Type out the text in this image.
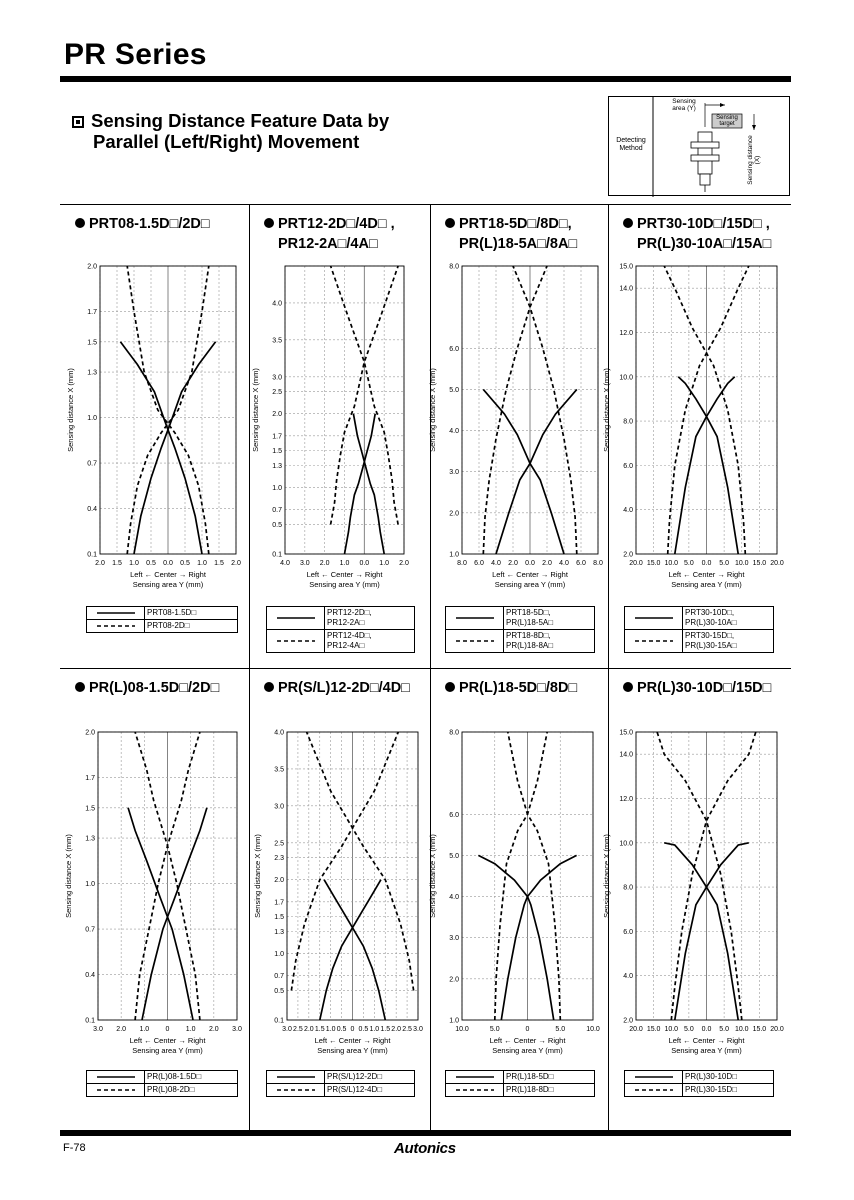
PR Series
Sensing Distance Feature Data by
Parallel (Left/Right) Movement	Detecting
Method
Sensing area (Y)
Sensing target
Sensing distance (X)
F-78	Autonics
PRT08-1.5D□/2D□
2.0 1.5 1.0 0.5 0.0 0.5 1.0 1.5 2.0
0.1
0.4
0.7
1.0
1.3
1.5
1.7
2.0
Sensing distance X (mm)
Left ← Center → Right
Sensing area Y (mm)
PRT08-1.5D□
PRT08-2D□
PRT12-2D□/4D□ ,
PR12-2A□/4A□
4.0 3.0 2.0 1.0 0.0 1.0 2.0
0.1
0.5
0.7
1.0
1.3
1.5
1.7
2.0
2.5
3.0
3.5
4.0
Sensing distance X (mm)
Left ← Center → Right
Sensing area Y (mm)
PRT12-2D□,
PR12-2A□
PRT12-4D□,
PR12-4A□
PRT18-5D□/8D□,
PR(L)18-5A□/8A□
8.0 6.0 4.0 2.0 0.0 2.0 4.0 6.0 8.0
1.0
2.0
3.0
4.0
5.0
6.0
8.0
Sensing distance X (mm)
Left ← Center → Right
Sensing area Y (mm)
PRT18-5D□,
PR(L)18-5A□
PRT18-8D□,
PR(L)18-8A□
PRT30-10D□/15D□ ,
PR(L)30-10A□/15A□
20.0 15.0 10.0 5.0 0.0 5.0 10.0 15.0 20.0
2.0
4.0
6.0
8.0
10.0
12.0
14.0
15.0
Sensing distance X (mm)
Left ← Center → Right
Sensing area Y (mm)
PRT30-10D□,
PR(L)30-10A□
PRT30-15D□,
PR(L)30-15A□
PR(L)08-1.5D□/2D□
3.0 2.0 1.0 0 1.0 2.0 3.0
0.1
0.4
0.7
1.0
1.3
1.5
1.7
2.0
Sensing distance X (mm)
Left ← Center → Right
Sensing area Y (mm)
PR(L)08-1.5D□
PR(L)08-2D□
PR(S/L)12-2D□/4D□
3.0 2.5 2.0 1.5 1.0 0.5 0 0.5 1.0 1.5 2.0 2.5 3.0
0.1
0.5
0.7
1.0
1.3
1.5
1.7
2.0
2.3
2.5
3.0
3.5
4.0
Sensing distance X (mm)
Left ← Center → Right
Sensing area Y (mm)
PR(S/L)12-2D□
PR(S/L)12-4D□
PR(L)18-5D□/8D□
10.0	5.0	0	5.0	10.0
1.0
2.0
3.0
4.0
5.0
6.0
8.0
Sensing distance X (mm)
Left ← Center → Right
Sensing area Y (mm)
PR(L)18-5D□
PR(L)18-8D□
PR(L)30-10D□/15D□
20.0 15.0 10.0 5.0 0.0 5.0 10.0 15.0 20.0
2.0
4.0
6.0
8.0
10.0
12.0
14.0
15.0
Sensing distance X (mm)
Left ← Center → Right
Sensing area Y (mm)
PR(L)30-10D□
PR(L)30-15D□
